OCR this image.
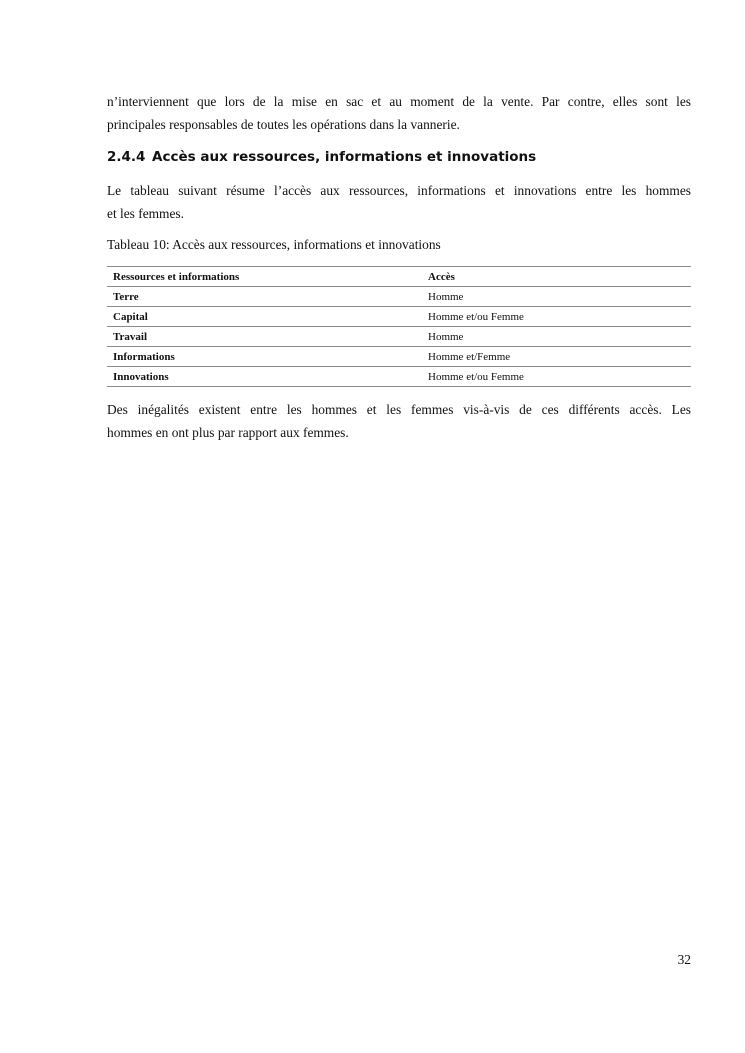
n’interviennent que lors de la mise en sac et au moment de la vente. Par contre, elles sont les
principales responsables de toutes les opérations dans la vannerie.

2.4.4 Accès aux ressources, informations et innovations

Le tableau suivant résume l’accès aux ressources, informations et innovations entre les hommes
et les femmes.

Tableau 10: Accès aux ressources, informations et innovations

Ressources et informations	Accès
Terre	Homme
Capital	Homme et/ou Femme
Travail	Homme
Informations	Homme et/Femme
Innovations	Homme et/ou Femme

Des inégalités existent entre les hommes et les femmes vis-à-vis de ces différents accès. Les
hommes en ont plus par rapport aux femmes.

32
